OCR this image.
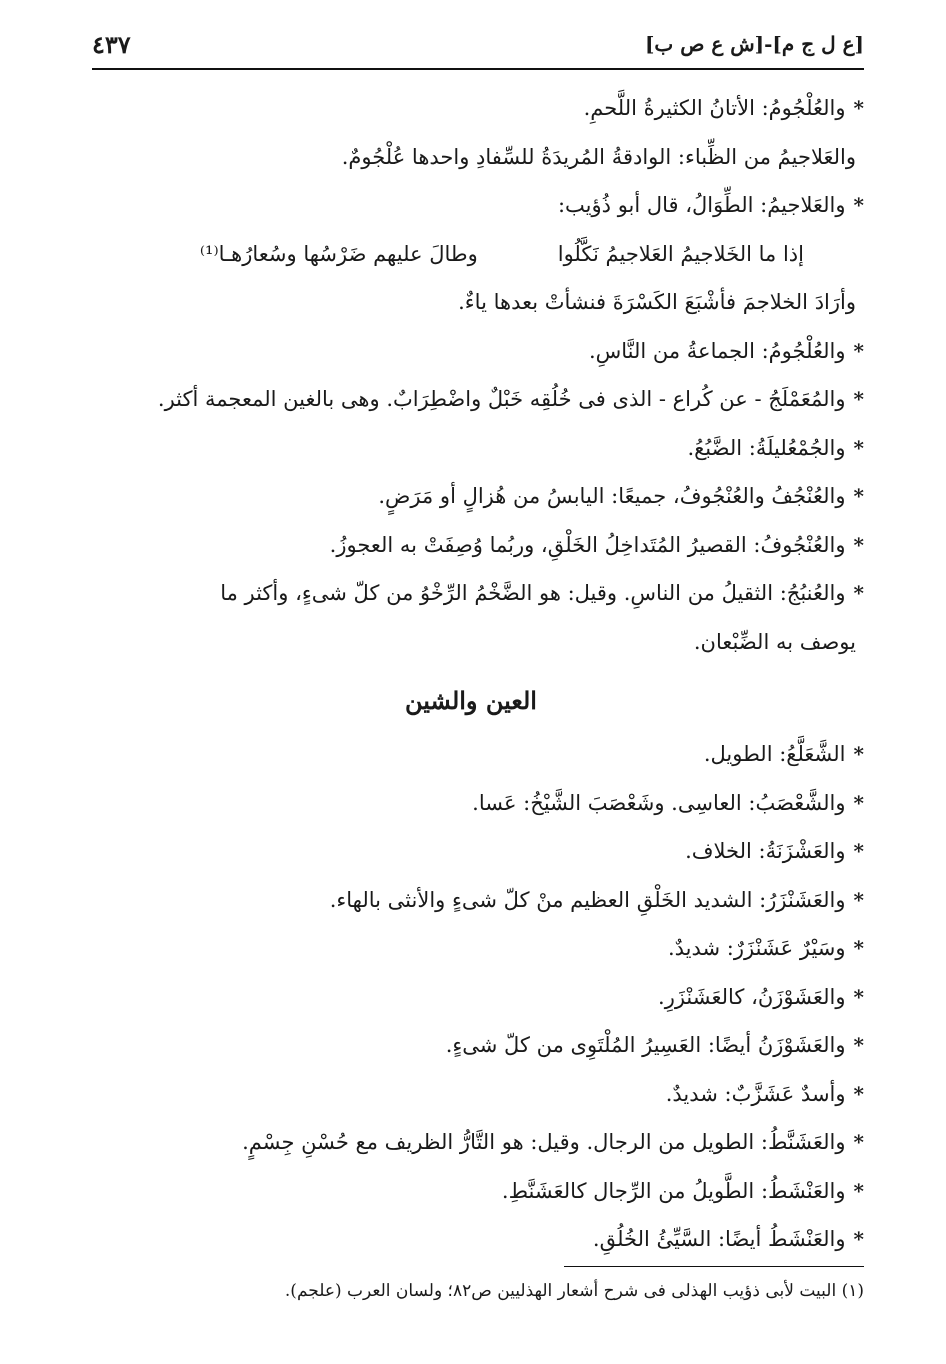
[ع ل ج م]-[ش ع ص ب]
٤٣٧
*والعُلْجُومُ: الأتانُ الكثيرةُ اللَّحمِ.
والعَلاجيمُ من الظِّباء: الوادقةُ المُريدَةُ للسِّفادِ واحدها عُلْجُومٌ.
*والعَلاجيمُ: الطِّوَالُ، قال أبو ذُؤيب:
إذا ما الخَلاجيمُ العَلاجيمُ نَكَّلُوا
وطالَ عليهم ضَرْسُها وسُعارُهـا⁽¹⁾
وأرَادَ الخلاجمَ فأشْبَعَ الكَسْرَةَ فنشأتْ بعدها ياءٌ.
*والعُلْجُومُ: الجماعةُ من النَّاسِ.
*والمُعَمْلَجُ - عن كُراع - الذى فى خُلُقِه خَبْلٌ واضْطِرَابٌ. وهى بالغين المعجمة أكثر.
*والجُمْعُليلَةُ: الضَّبُعُ.
*والعُنْجُفُ والعُنْجُوفُ، جميعًا: اليابسُ من هُزالٍ أو مَرَضٍ.
*والعُنْجُوفُ: القصيرُ المُتَداخِلُ الخَلْقِ، وربُما وُصِفَتْ به العجوزُ.
*والعُنبُجُ: الثقيلُ من الناسِ. وقيل: هو الضَّخْمُ الرِّخْوُ من كلّ شىءٍ، وأكثر ما
يوصف به الضِّبْعان.
العين والشين
*الشَّعَلَّعُ: الطويل.
*والشَّعْصَبُ: العاسِى. وشَعْصَبَ الشَّيْخُ: عَسا.
*والعَشْزَنَةُ: الخلاف.
*والعَشَنْزَرُ: الشديد الخَلْقِ العظيم منْ كلّ شىءٍ والأنثى بالهاء.
*وسَيْرٌ عَشَنْزَرٌ: شديدٌ.
*والعَشَوْزَنُ، كالعَشَنْزَرِ.
*والعَشَوْزَنُ أيضًا: العَسِيرُ المُلْتَوِى من كلّ شىءٍ.
*وأسدٌ عَشَزَّبٌ: شديدٌ.
*والعَشَنَّطُ: الطويل من الرجال. وقيل: هو التَّارُّ الظريف مع حُسْنِ جِسْمٍ.
*والعَنْشَطُ: الطَّويلُ من الرِّجال كالعَشَنَّطِ.
*والعَنْشَطُ أيضًا: السَّيِّئُ الخُلُقِ.
(١) البيت لأبى ذؤيب الهذلى فى شرح أشعار الهذليين ص٨٢؛ ولسان العرب (علجم).
